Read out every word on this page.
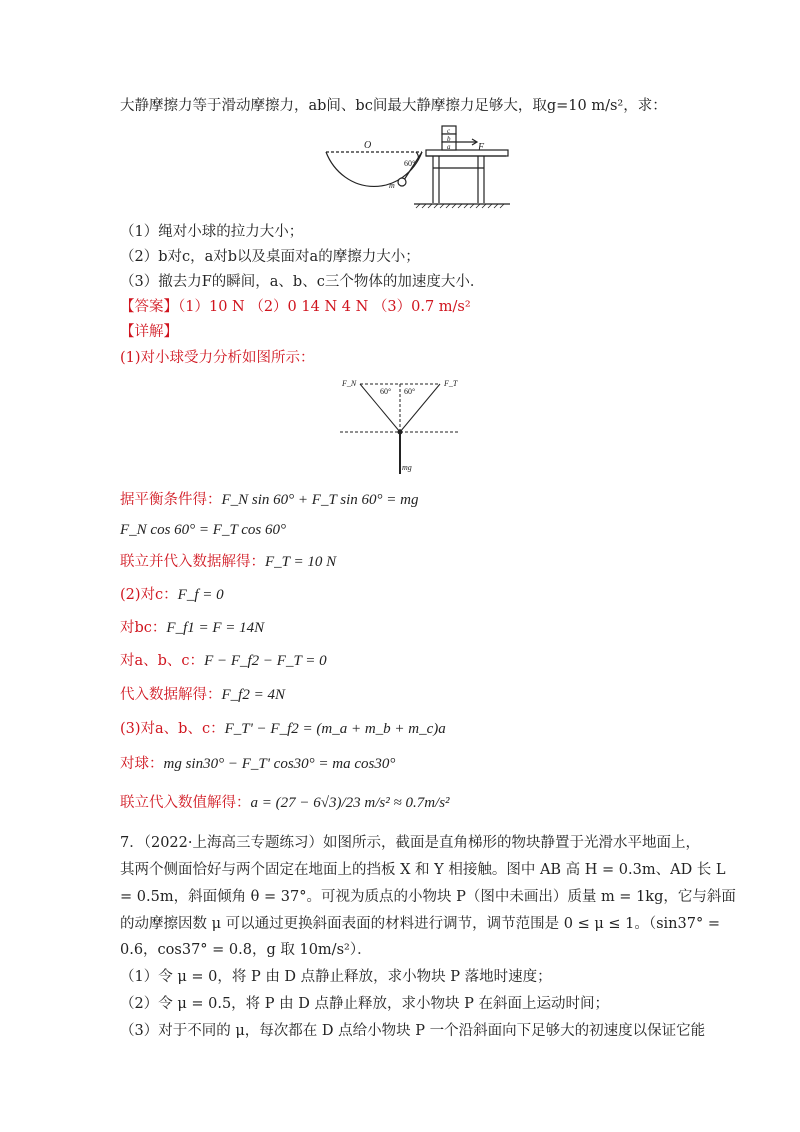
大静摩擦力等于滑动摩擦力，ab间、bc间最大静摩擦力足够大，取g=10 m/s²，求：
O
60°
m
c
b
a	F
（1）绳对小球的拉力大小；
（2）b对c，a对b以及桌面对a的摩擦力大小；
（3）撤去力F的瞬间，a、b、c三个物体的加速度大小．
【答案】（1）10 N （2）0 14 N 4 N （3）0.7 m/s²
【详解】
(1)对小球受力分析如图所示：
F_N	F_T
60° 60°
mg
据平衡条件得：F_N sin 60° + F_T sin 60° = mg
F_N cos 60° = F_T cos 60°
联立并代入数据解得：F_T = 10 N
(2)对c：F_f = 0
对bc：F_f1 = F = 14N
对a、b、c：F − F_f2 − F_T = 0
代入数据解得：F_f2 = 4N
(3)对a、b、c：F_T' − F_f2 = (m_a + m_b + m_c)a
对球：mg sin30° − F_T' cos30° = ma cos30°
联立代入数值解得：a = (27 − 6√3)/23 m/s² ≈ 0.7m/s²
7．（2022·上海高三专题练习）如图所示，截面是直角梯形的物块静置于光滑水平地面上，
其两个侧面恰好与两个固定在地面上的挡板 X 和 Y 相接触。图中 AB 高 H = 0.3m、AD 长 L
= 0.5m，斜面倾角 θ = 37°。可视为质点的小物块 P（图中未画出）质量 m = 1kg，它与斜面
的动摩擦因数 μ 可以通过更换斜面表面的材料进行调节，调节范围是 0 ≤ μ ≤ 1。（sin37° =
0.6，cos37° = 0.8，g 取 10m/s²）．
（1）令 μ = 0，将 P 由 D 点静止释放，求小物块 P 落地时速度；
（2）令 μ = 0.5，将 P 由 D 点静止释放，求小物块 P 在斜面上运动时间；
（3）对于不同的 μ，每次都在 D 点给小物块 P 一个沿斜面向下足够大的初速度以保证它能
